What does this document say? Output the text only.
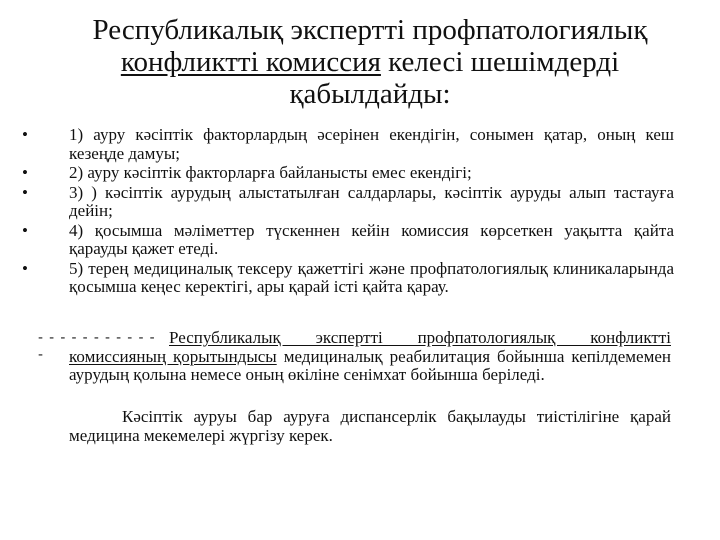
Республикалық эксперттi профпатологиялық
конфликттi комиссия келесi шешiмдердi
қабылдайды:
• 1) ауру кәсiптiк факторлардың әсерiнен екендiгiн, сонымен қатар, оның кеш кезеңде дамуы;
• 2) ауру кәсiптiк факторларға байланысты емес екендiгi;
• 3) ) кәсiптiк аурудың алыстатылған салдарлары, кәсiптiк ауруды алып тастауға дейiн;
• 4) қосымша мәлiметтер түскеннен кейiн комиссия көрсеткен уақытта қайта қарауды қажет етедi.
• 5) терең медициналық тексеру қажеттiгi және профпатологиялық клиникаларында қосымша кеңес керектiгi, ары қарай iстi қайта қарау.
- - - - - - - - - - - -
Республикалық эксперттi профпатологиялық конфликттi комиссияның қорытындысы медициналық реабилитация бойынша кепiлдемемен аурудың қолына немесе оның өкiлiне сенiмхат бойынша берiледi.
Кәсiптiк ауруы бар ауруға диспансерлiк бақылауды тиiстiлiгiне қарай медицина мекемелерi жүргiзу керек.
